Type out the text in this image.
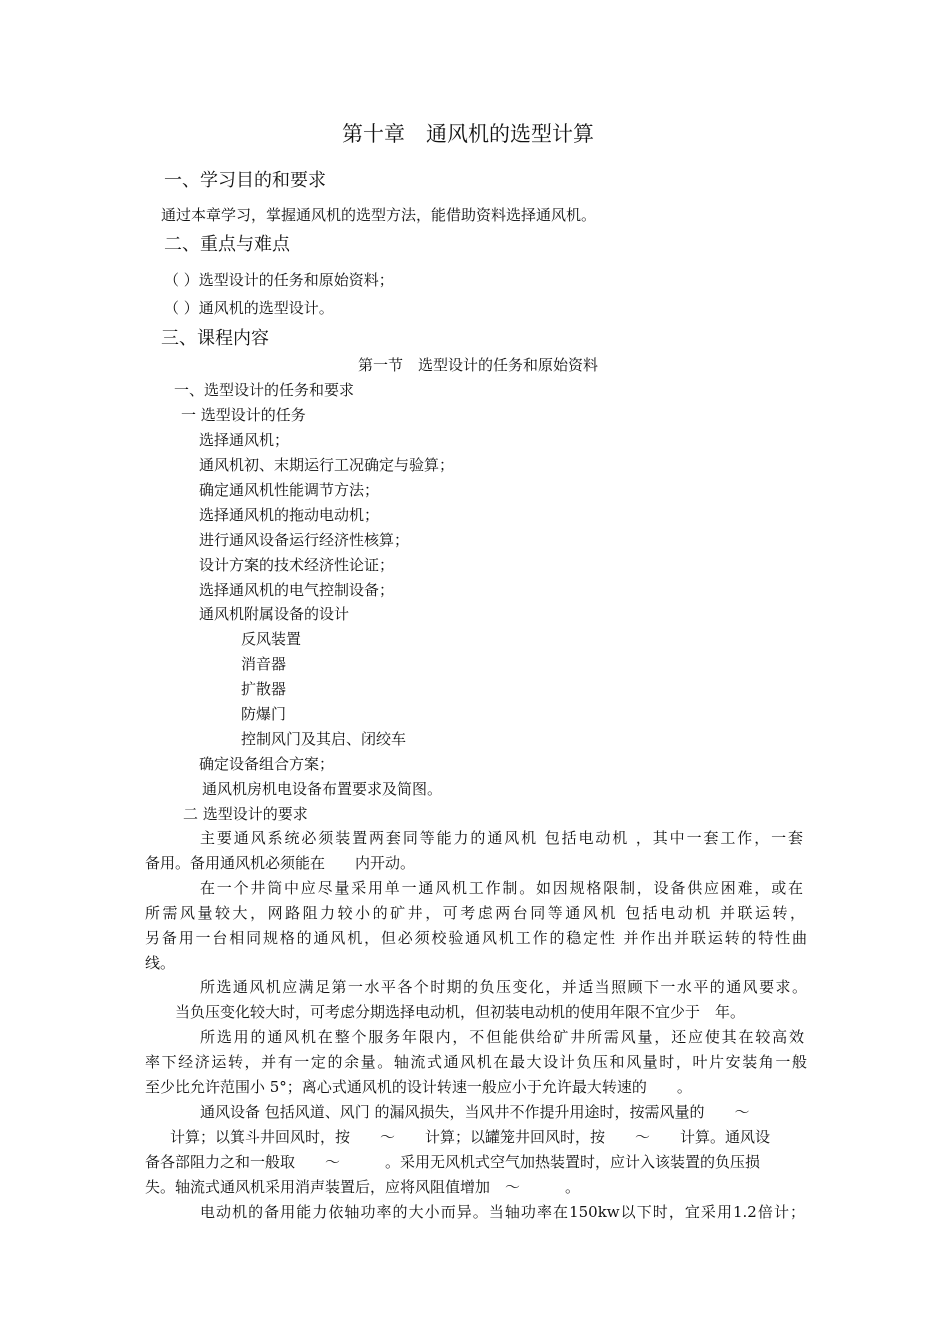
第十章　通风机的选型计算
一、学习目的和要求
通过本章学习，掌握通风机的选型方法，能借助资料选择通风机。
二、重点与难点
（ ）选型设计的任务和原始资料；
（ ）通风机的选型设计。
三、课程内容
第一节　选型设计的任务和原始资料
一、选型设计的任务和要求
一 选型设计的任务
选择通风机；
通风机初、末期运行工况确定与验算；
确定通风机性能调节方法；
选择通风机的拖动电动机；
进行通风设备运行经济性核算；
设计方案的技术经济性论证；
选择通风机的电气控制设备；
通风机附属设备的设计
反风装置
消音器
扩散器
防爆门
控制风门及其启、闭绞车
确定设备组合方案；
通风机房机电设备布置要求及简图。
二 选型设计的要求
主要通风系统必须装置两套同等能力的通风机 包括电动机 ，其中一套工作，一套
备用。备用通风机必须能在　　内开动。
在一个井筒中应尽量采用单一通风机工作制。如因规格限制，设备供应困难，或在
所需风量较大，网路阻力较小的矿井，可考虑两台同等通风机 包括电动机 并联运转，
另备用一台相同规格的通风机，但必须校验通风机工作的稳定性 并作出并联运转的特性曲
线。
所选通风机应满足第一水平各个时期的负压变化，并适当照顾下一水平的通风要求。
当负压变化较大时，可考虑分期选择电动机，但初装电动机的使用年限不宜少于　年。
所选用的通风机在整个服务年限内，不但能供给矿井所需风量，还应使其在较高效
率下经济运转，并有一定的余量。轴流式通风机在最大设计负压和风量时，叶片安装角一般
至少比允许范围小 5°；离心式通风机的设计转速一般应小于允许最大转速的　　。
通风设备 包括风道、风门 的漏风损失，当风井不作提升用途时，按需风量的　　～
计算；以箕斗井回风时，按　　～　　计算；以罐笼井回风时，按　　～　　计算。通风设
备各部阻力之和一般取　　～　　　。采用无风机式空气加热装置时，应计入该装置的负压损
失。轴流式通风机采用消声装置后，应将风阻值增加　～　　　。
电动机的备用能力依轴功率的大小而异。当轴功率在150kw以下时，宜采用1.2倍计；
